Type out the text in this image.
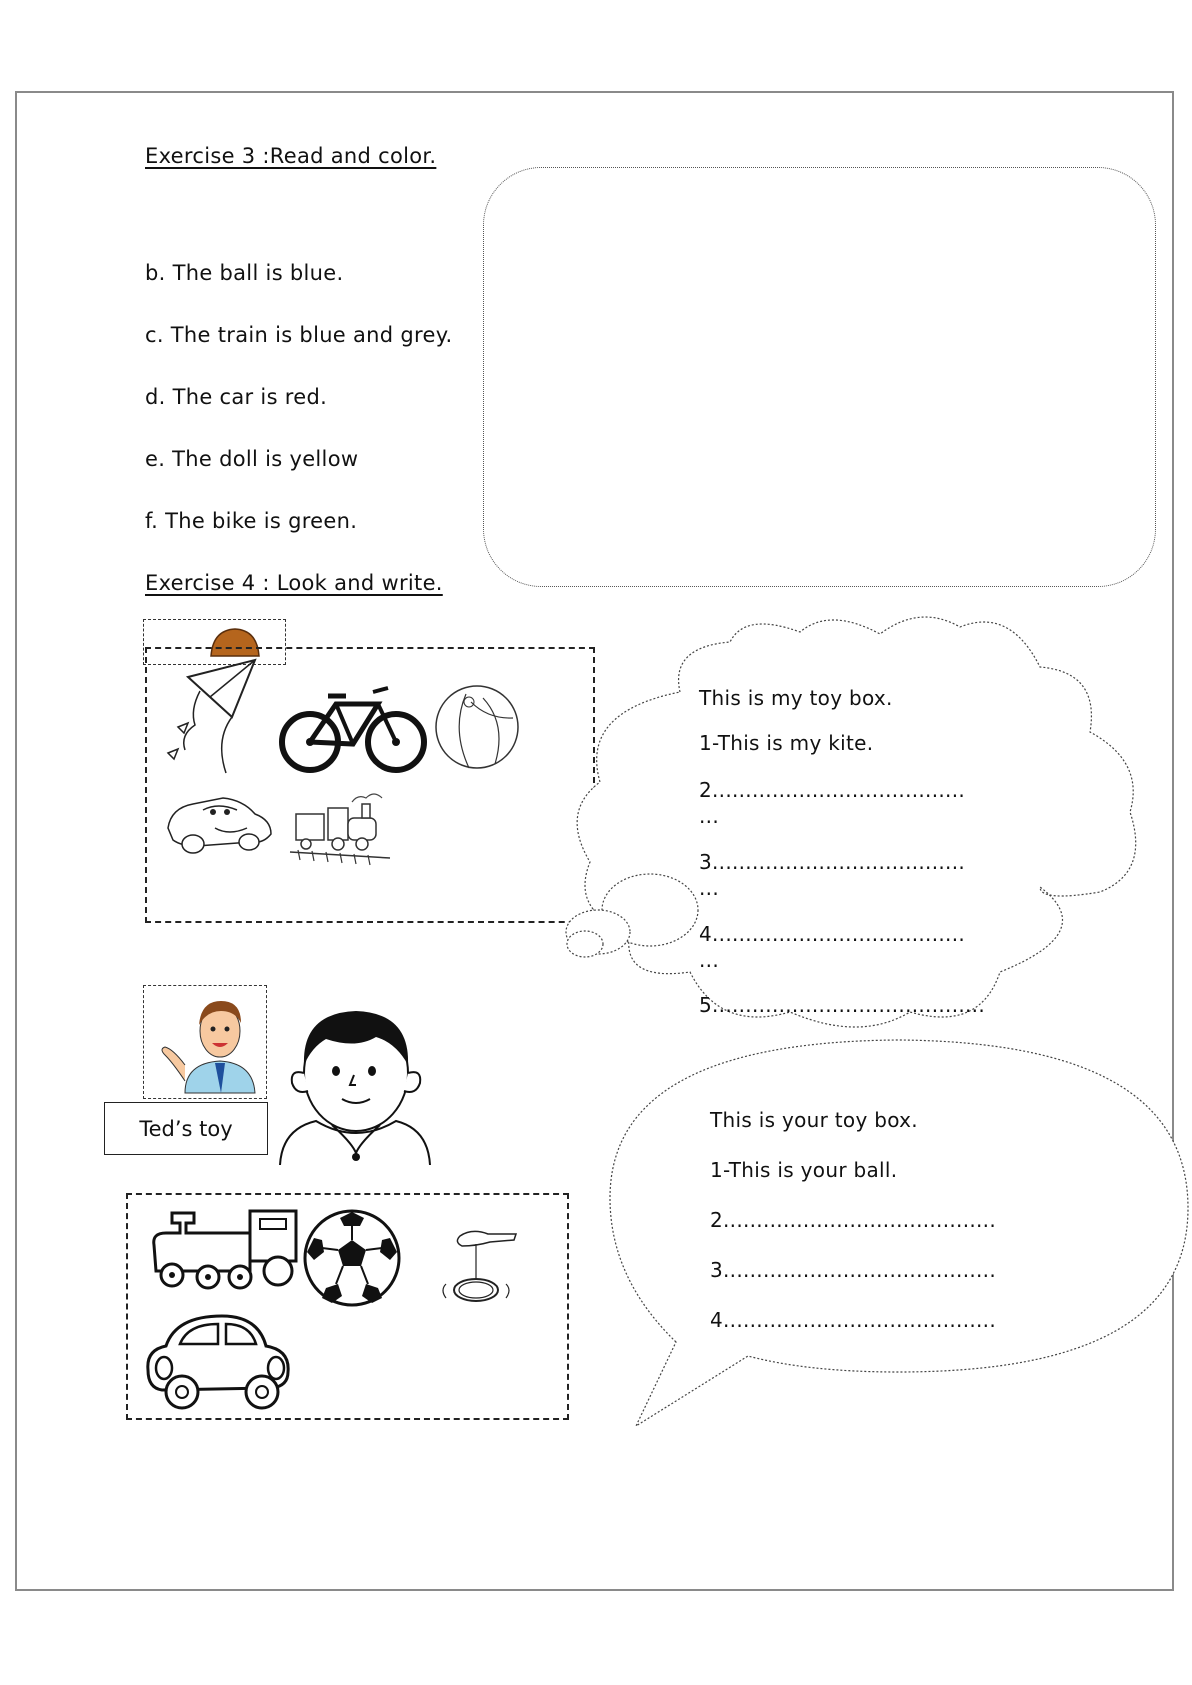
Exercise 3 :Read and color.
b. The ball is blue.
c. The train is blue and grey.
d. The car is red.
e. The doll is yellow
f. The bike is green.
Exercise 4 : Look and write.
This is my toy box.
1-This is my kite.
2......................................
...
3......................................
...
4......................................
...
5.........................................
Ted’s toy	This is your toy box.
1-This is your ball.
2.........................................
3.........................................
4.........................................
